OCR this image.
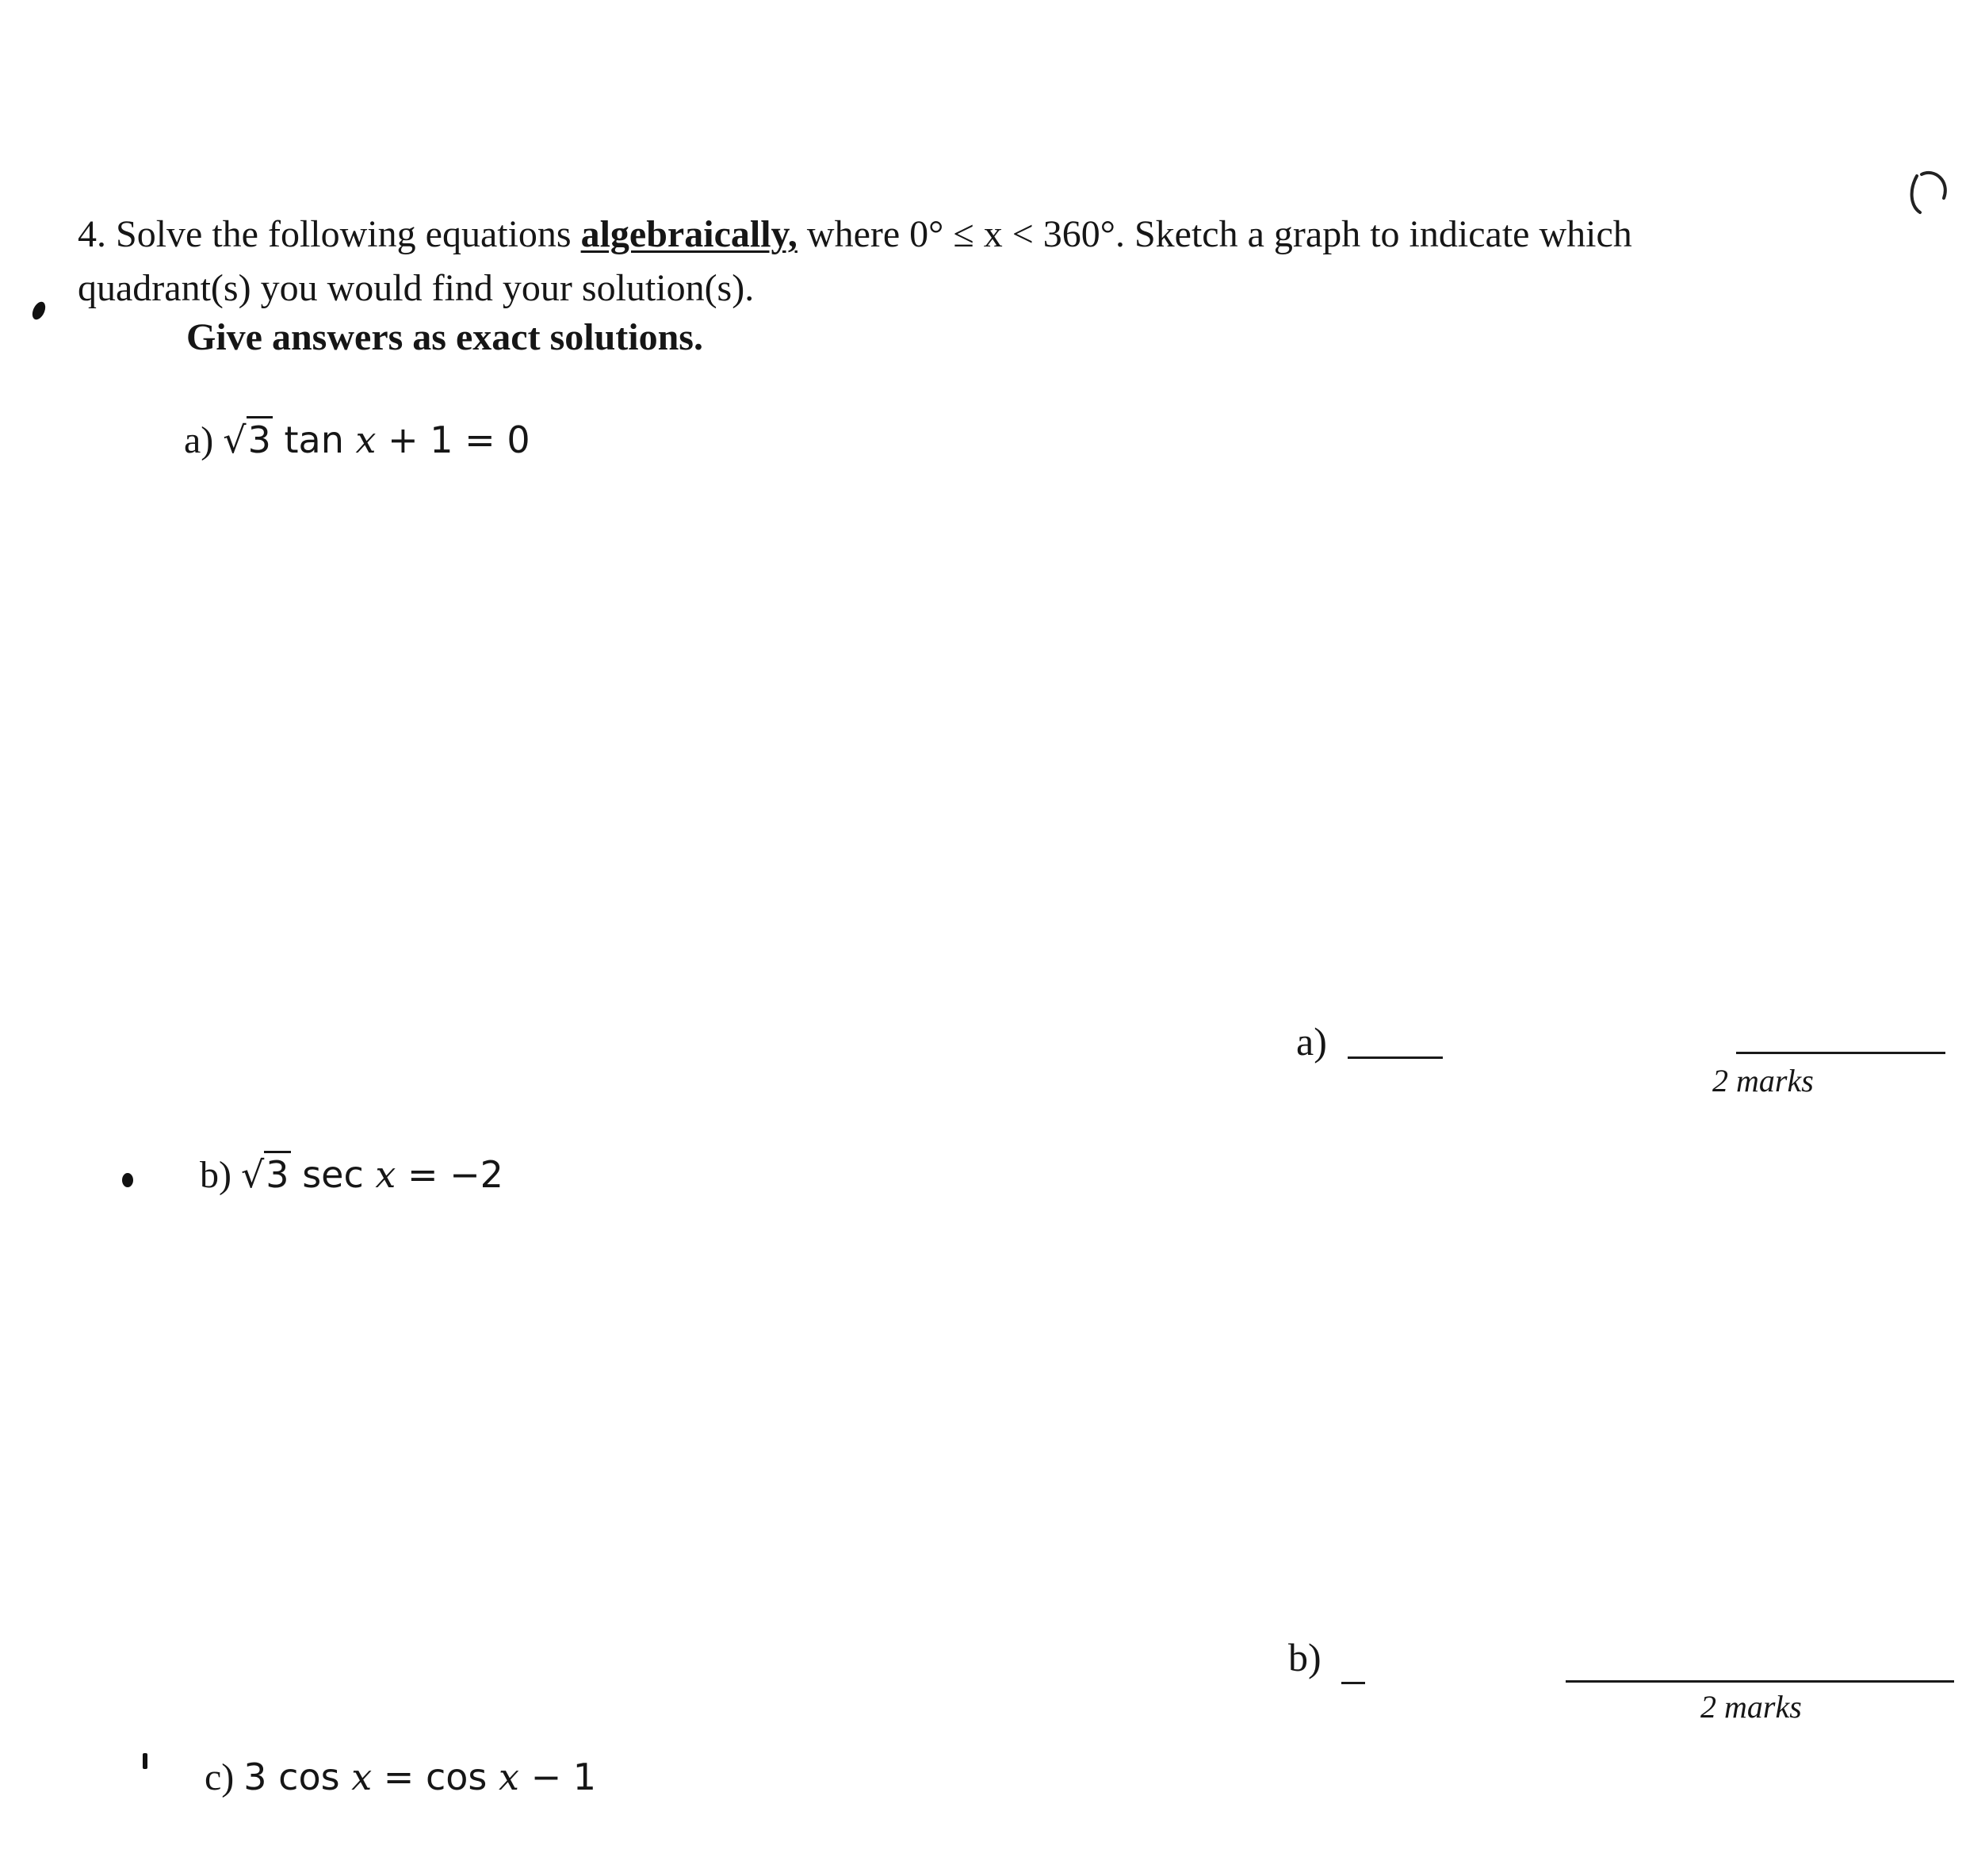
4. Solve the following equations algebraically, where 0° ≤ x < 360°. Sketch a graph to indicate which
quadrant(s) you would find your solution(s).
Give answers as exact solutions.
a) √3 tan x + 1 = 0
a)
2 marks
b) √3 sec x = −2
b)
2 marks
c) 3 cos x = cos x − 1
